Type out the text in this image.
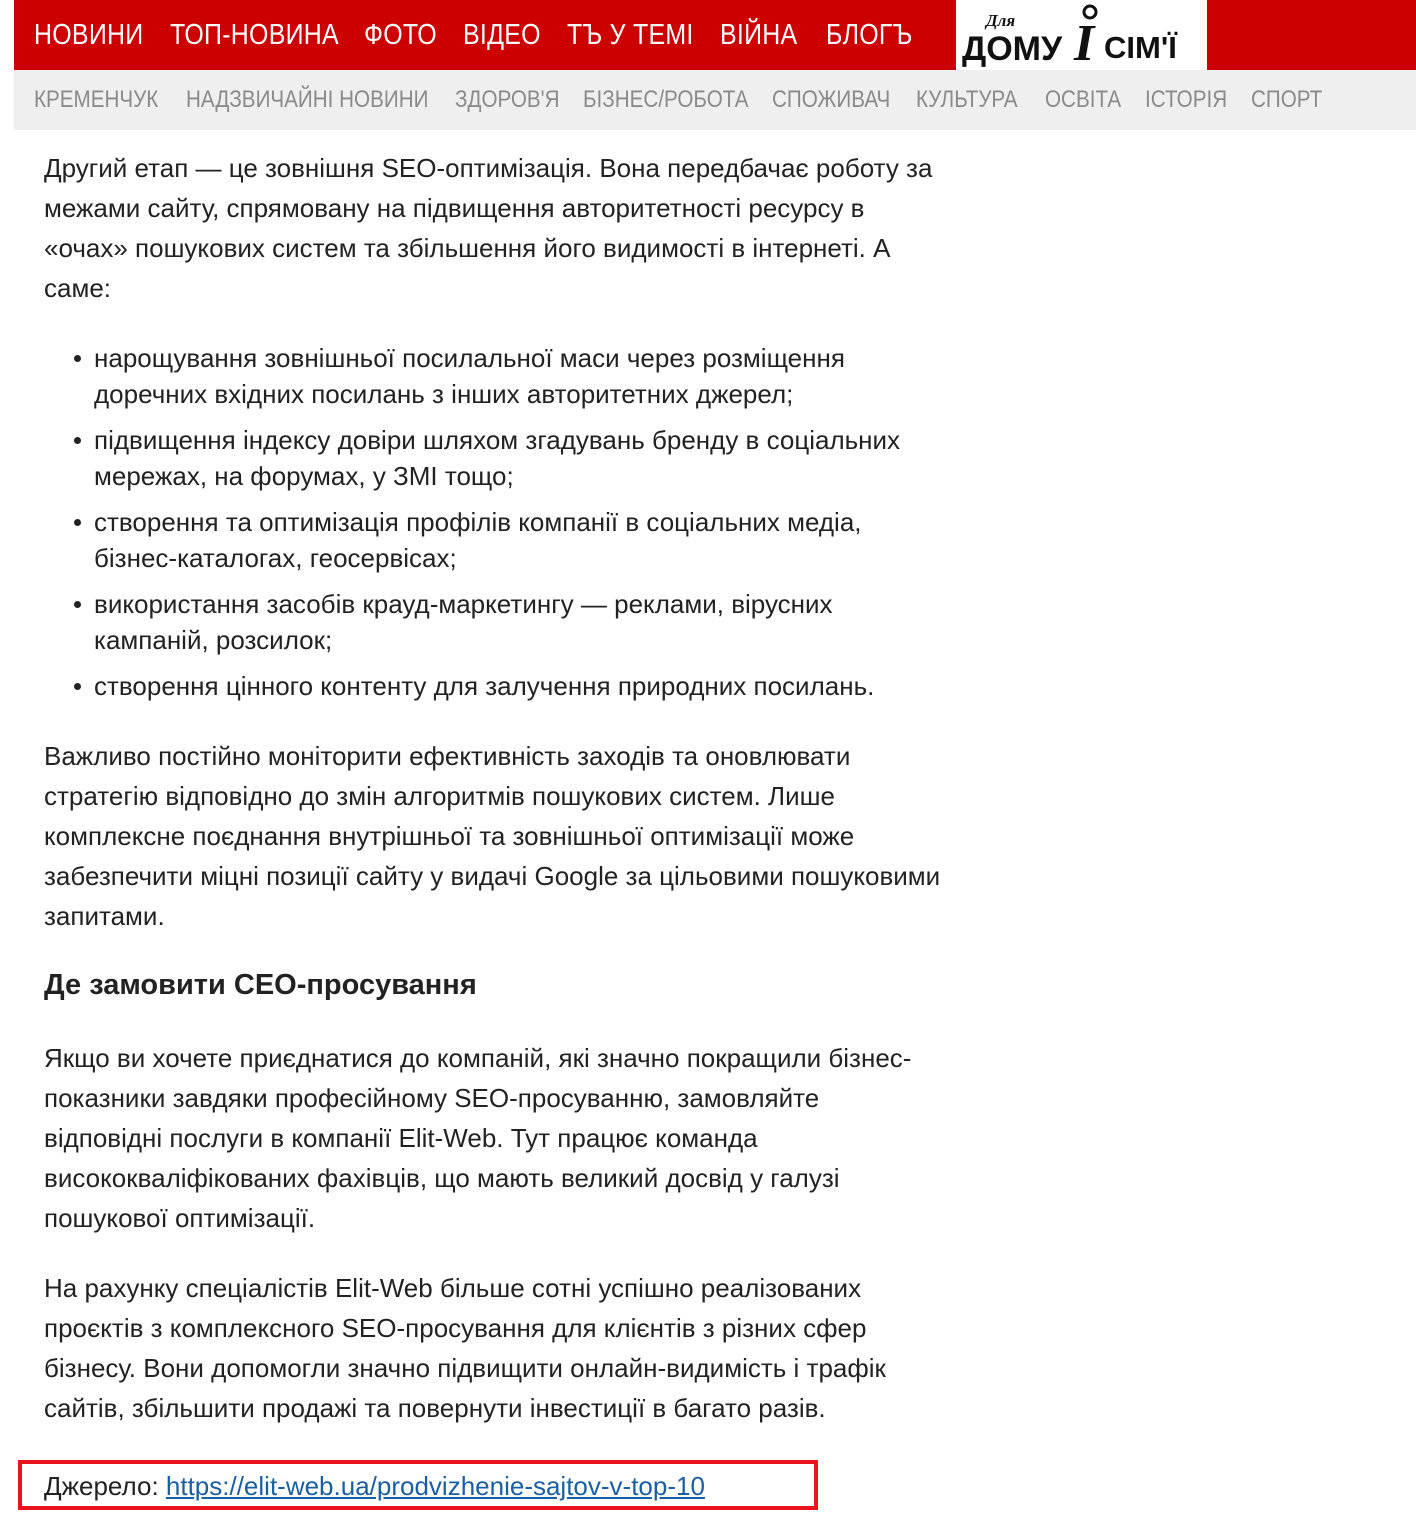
НОВИНИ ТОП-НОВИНА ФОТО ВІДЕО ТЪ У ТЕМІ ВІЙНА БЛОГЪ	Для
ДОМУ І СІМ'Ї
КРЕМЕНЧУК НАДЗВИЧАЙНІ НОВИНИ ЗДОРОВ'Я БІЗНЕС/РОБОТА СПОЖИВАЧ КУЛЬТУРА	ОСВІТА ІСТОРІЯ СПОРТ

Другий етап — це зовнішня SEO-оптимізація. Вона передбачає роботу за межами сайту, спрямовану на підвищення авторитетності ресурсу в «очах» пошукових систем та збільшення його видимості в інтернеті. А саме:

нарощування зовнішньої посилальної маси через розміщення доречних вхідних посилань з інших авторитетних джерел;
підвищення індексу довіри шляхом згадувань бренду в соціальних мережах, на форумах, у ЗМІ тощо;
створення та оптимізація профілів компанії в соціальних медіа, бізнес-каталогах, геосервісах;
використання засобів крауд-маркетингу — реклами, вірусних кампаній, розсилок;
створення цінного контенту для залучення природних посилань.

Важливо постійно моніторити ефективність заходів та оновлювати стратегію відповідно до змін алгоритмів пошукових систем. Лише комплексне поєднання внутрішньої та зовнішньої оптимізації може забезпечити міцні позиції сайту у видачі Google за цільовими пошуковими запитами.

Де замовити СЕО-просування

Якщо ви хочете приєднатися до компаній, які значно покращили бізнес-показники завдяки професійному SEO-просуванню, замовляйте відповідні послуги в компанії Elit-Web. Тут працює команда висококваліфікованих фахівців, що мають великий досвід у галузі пошукової оптимізації.

На рахунку спеціалістів Elit-Web більше сотні успішно реалізованих проєктів з комплексного SEO-просування для клієнтів з різних сфер бізнесу. Вони допомогли значно підвищити онлайн-видимість і трафік сайтів, збільшити продажі та повернути інвестиції в багато разів.

Джерело: https://elit-web.ua/prodvizhenie-sajtov-v-top-10
